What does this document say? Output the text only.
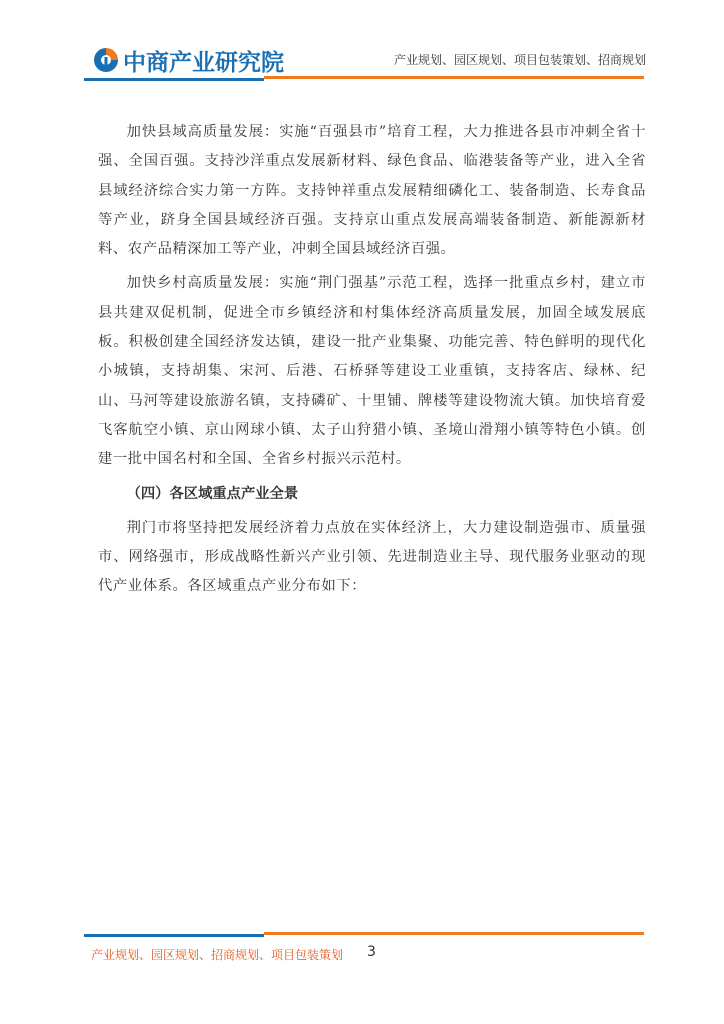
中商产业研究院	产业规划、园区规划、项目包装策划、招商规划

加快县域高质量发展：实施“百强县市”培育工程，大力推进各县市冲刺全省十强、全国百强。支持沙洋重点发展新材料、绿色食品、临港装备等产业，进入全省县域经济综合实力第一方阵。支持钟祥重点发展精细磷化工、装备制造、长寿食品等产业，跻身全国县域经济百强。支持京山重点发展高端装备制造、新能源新材料、农产品精深加工等产业，冲刺全国县域经济百强。

加快乡村高质量发展：实施“荆门强基”示范工程，选择一批重点乡村，建立市县共建双促机制，促进全市乡镇经济和村集体经济高质量发展，加固全域发展底板。积极创建全国经济发达镇，建设一批产业集聚、功能完善、特色鲜明的现代化小城镇，支持胡集、宋河、后港、石桥驿等建设工业重镇，支持客店、绿林、纪山、马河等建设旅游名镇，支持磷矿、十里铺、牌楼等建设物流大镇。加快培育爱飞客航空小镇、京山网球小镇、太子山狩猎小镇、圣境山滑翔小镇等特色小镇。创建一批中国名村和全国、全省乡村振兴示范村。

（四）各区域重点产业全景

荆门市将坚持把发展经济着力点放在实体经济上，大力建设制造强市、质量强市、网络强市，形成战略性新兴产业引领、先进制造业主导、现代服务业驱动的现代产业体系。各区域重点产业分布如下：

产业规划、园区规划、招商规划、项目包装策划 3
